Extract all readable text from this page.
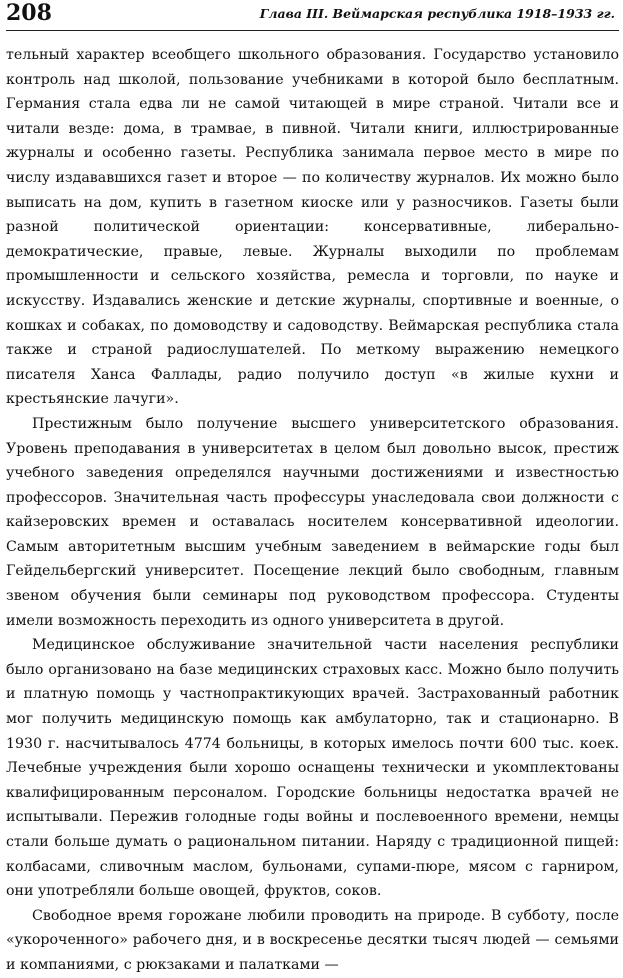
208	Глава III. Веймарская республика 1918–1933 гг.

тельный характер всеобщего школьного образования. Государство установило контроль над школой, пользование учебниками в которой было бесплатным. Германия стала едва ли не самой читающей в мире страной. Читали все и читали везде: дома, в трамвае, в пивной. Читали книги, иллюстрированные журналы и особенно газеты. Республика занимала первое место в мире по числу издававшихся газет и второе — по количеству журналов. Их можно было выписать на дом, купить в газетном киоске или у разносчиков. Газеты были разной политической ориентации: консервативные, либерально-демократические, правые, левые. Журналы выходили по проблемам промышленности и сельского хозяйства, ремесла и торговли, по науке и искусству. Издавались женские и детские журналы, спортивные и военные, о кошках и собаках, по домоводству и садоводству. Веймарская республика стала также и страной радиослушателей. По меткому выражению немецкого писателя Ханса Фаллады, радио получило доступ «в жилые кухни и крестьянские лачуги».

Престижным было получение высшего университетского образования. Уровень преподавания в университетах в целом был довольно высок, престиж учебного заведения определялся научными достижениями и известностью профессоров. Значительная часть профессуры унаследовала свои должности с кайзеровских времен и оставалась носителем консервативной идеологии. Самым авторитетным высшим учебным заведением в веймарские годы был Гейдельбергский университет. Посещение лекций было свободным, главным звеном обучения были семинары под руководством профессора. Студенты имели возможность переходить из одного университета в другой.

Медицинское обслуживание значительной части населения республики было организовано на базе медицинских страховых касс. Можно было получить и платную помощь у частнопрактикующих врачей. Застрахованный работник мог получить медицинскую помощь как амбулаторно, так и стационарно. В 1930 г. насчитывалось 4774 больницы, в которых имелось почти 600 тыс. коек. Лечебные учреждения были хорошо оснащены технически и укомплектованы квалифицированным персоналом. Городские больницы недостатка врачей не испытывали. Пережив голодные годы войны и послевоенного времени, немцы стали больше думать о рациональном питании. Наряду с традиционной пищей: колбасами, сливочным маслом, бульонами, супами-пюре, мясом с гарниром, они употребляли больше овощей, фруктов, соков.

Свободное время горожане любили проводить на природе. В субботу, после «укороченного» рабочего дня, и в воскресенье десятки тысяч людей — семьями и компаниями, с рюкзаками и палатками —
